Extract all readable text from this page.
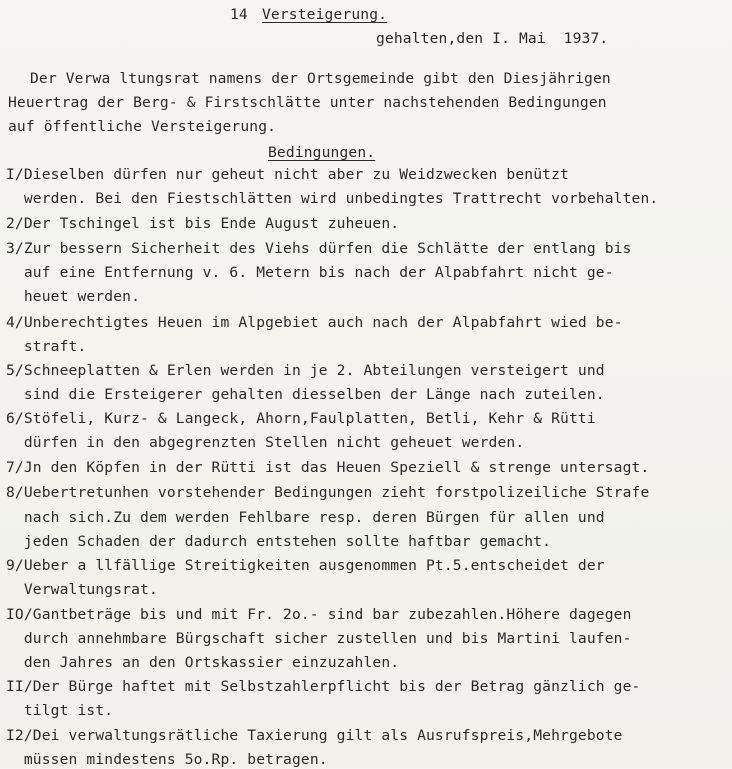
14 Versteigerung.
gehalten,den I. Mai  1937.
Der Verwa ltungsrat namens der Ortsgemeinde gibt den Diesjährigen
Heuertrag der Berg- & Firstschlätte unter nachstehenden Bedingungen
auf öffentliche Versteigerung.
Bedingungen.
I/Dieselben dürfen nur geheut nicht aber zu Weidzwecken benützt
werden. Bei den Fiestschlätten wird unbedingtes Trattrecht vorbehalten.
2/Der Tschingel ist bis Ende August zuheuen.
3/Zur bessern Sicherheit des Viehs dürfen die Schlätte der entlang bis
auf eine Entfernung v. 6. Metern bis nach der Alpabfahrt nicht ge-
heuet werden.
4/Unberechtigtes Heuen im Alpgebiet auch nach der Alpabfahrt wied be-
straft.
5/Schneeplatten & Erlen werden in je 2. Abteilungen versteigert und
sind die Ersteigerer gehalten diesselben der Länge nach zuteilen.
6/Stöfeli, Kurz- & Langeck, Ahorn,Faulplatten, Betli, Kehr & Rütti
dürfen in den abgegrenzten Stellen nicht geheuet werden.
7/Jn den Köpfen in der Rütti ist das Heuen Speziell & strenge untersagt.
8/Uebertretunhen vorstehender Bedingungen zieht forstpolizeiliche Strafe
nach sich.Zu dem werden Fehlbare resp. deren Bürgen für allen und
jeden Schaden der dadurch entstehen sollte haftbar gemacht.
9/Ueber a llfällige Streitigkeiten ausgenommen Pt.5.entscheidet der
Verwaltungsrat.
IO/Gantbeträge bis und mit Fr. 2o.- sind bar zubezahlen.Höhere dagegen
durch annehmbare Bürgschaft sicher zustellen und bis Martini laufen-
den Jahres an den Ortskassier einzuzahlen.
II/Der Bürge haftet mit Selbstzahlerpflicht bis der Betrag gänzlich ge-
tilgt ist.
I2/Dei verwaltungsrätliche Taxierung gilt als Ausrufspreis,Mehrgebote
müssen mindestens 5o.Rp. betragen.
